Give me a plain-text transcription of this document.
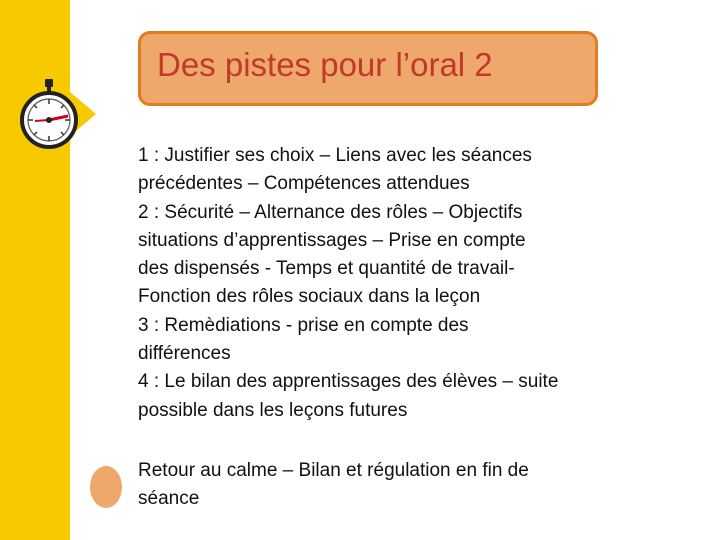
Des pistes pour l’oral 2
1 : Justifier ses choix – Liens avec les séances
précédentes – Compétences attendues
2 : Sécurité – Alternance des rôles – Objectifs
situations d’apprentissages – Prise en compte
des dispensés - Temps et quantité de travail-
Fonction des rôles sociaux dans la leçon
3 : Remèdiations - prise en compte des
différences
4 : Le bilan des apprentissages des élèves – suite
possible dans les leçons futures
Retour au calme – Bilan et régulation en fin de
séance
